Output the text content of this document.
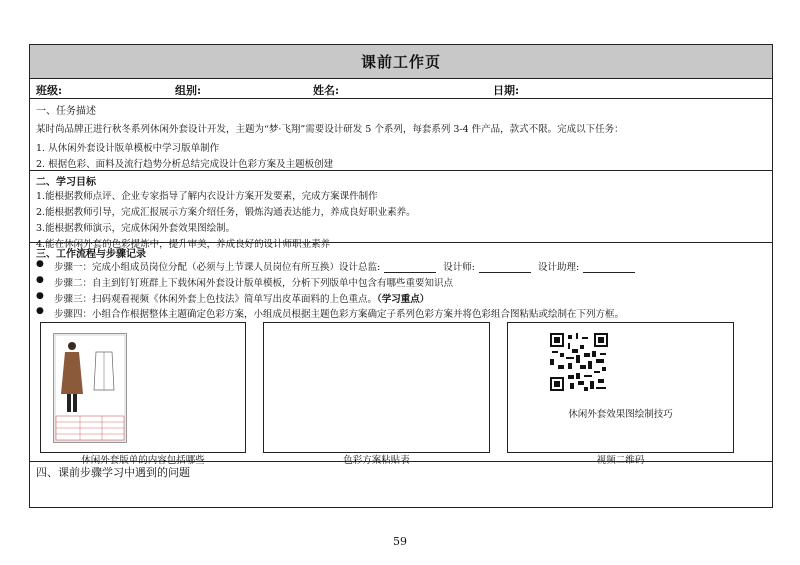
课前工作页
班级:	组别:	姓名:	日期:
一、任务描述
某时尚品牌正进行秋冬系列休闲外套设计开发，主题为“梦·飞翔”需要设计研发 5 个系列，每套系列 3-4 件产品，款式不限。完成以下任务：
1. 从休闲外套设计版单模板中学习版单制作
2. 根据色彩、面料及流行趋势分析总结完成设计色彩方案及主题板创建
二、学习目标
1.能根据教师点评、企业专家指导了解内衣设计方案开发要素，完成方案课件制作
2.能根据教师引导，完成汇报展示方案介绍任务，锻炼沟通表达能力，养成良好职业素养。
3.能根据教师演示，完成休闲外套效果图绘制。
4.能在休闲外套的色彩提炼中，提升审美，养成良好的设计师职业素养
三、工作流程与步骤记录
● 步骤一：完成小组成员岗位分配（必须与上节课人员岗位有所互换）设计总监:	设计师:	设计助理:
● 步骤二：自主到钉钉班群上下载休闲外套设计版单模板，分析下列版单中包含有哪些重要知识点
● 步骤三：扫码观看视频《休闲外套上色技法》简单写出皮革面料的上色重点。（学习重点）
● 步骤四：小组合作根据整体主题确定色彩方案，小组成员根据主题色彩方案确定子系列色彩方案并将色彩组合图粘贴或绘制在下列方框。
休闲外套版单的内容包括哪些	色彩方案粘贴表
休闲外套效果图绘制技巧
视频二维码
四、课前步骤学习中遇到的问题
59
